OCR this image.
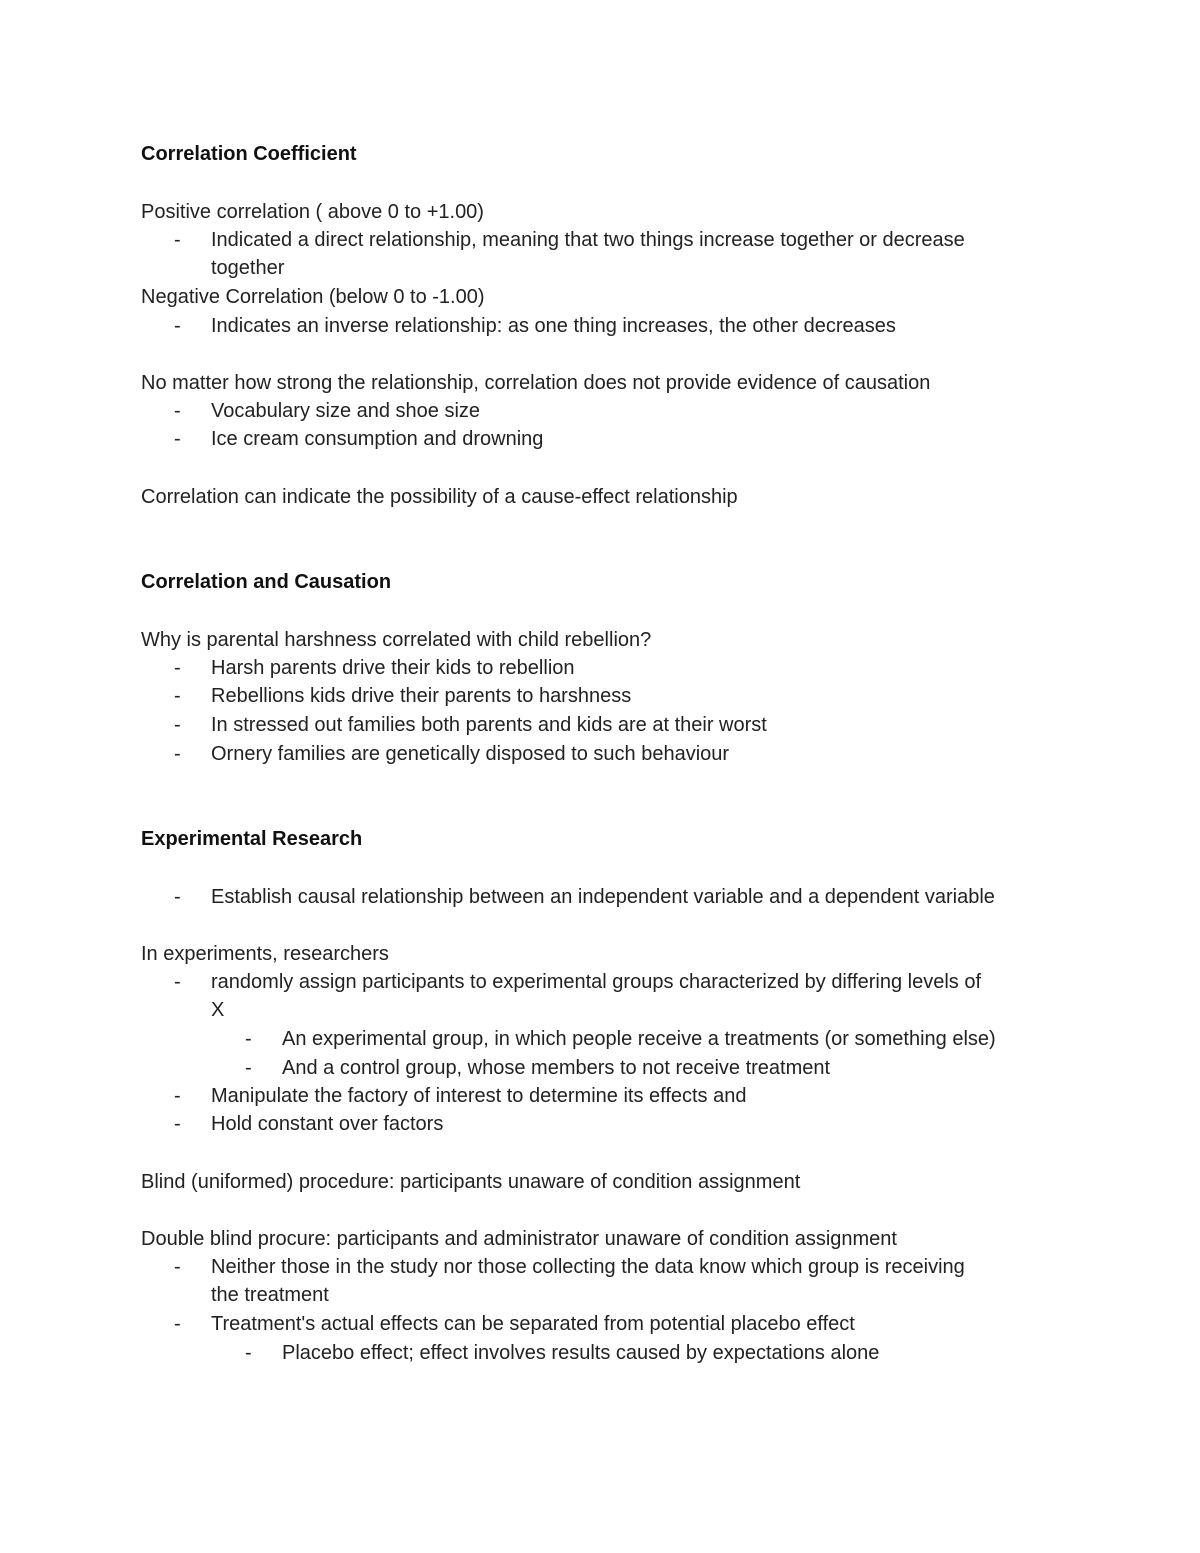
Correlation Coefficient
Positive correlation ( above 0 to +1.00)
- Indicated a direct relationship, meaning that two things increase together or decrease
together
Negative Correlation (below 0 to -1.00)
- Indicates an inverse relationship: as one thing increases, the other decreases
No matter how strong the relationship, correlation does not provide evidence of causation
- Vocabulary size and shoe size
- Ice cream consumption and drowning
Correlation can indicate the possibility of a cause-effect relationship
Correlation and Causation
Why is parental harshness correlated with child rebellion?
- Harsh parents drive their kids to rebellion
- Rebellions kids drive their parents to harshness
- In stressed out families both parents and kids are at their worst
- Ornery families are genetically disposed to such behaviour
Experimental Research
- Establish causal relationship between an independent variable and a dependent variable
In experiments, researchers
- randomly assign participants to experimental groups characterized by differing levels of
X
- An experimental group, in which people receive a treatments (or something else)
- And a control group, whose members to not receive treatment
- Manipulate the factory of interest to determine its effects and
- Hold constant over factors
Blind (uniformed) procedure: participants unaware of condition assignment
Double blind procure: participants and administrator unaware of condition assignment
- Neither those in the study nor those collecting the data know which group is receiving
the treatment
- Treatment's actual effects can be separated from potential placebo effect
- Placebo effect; effect involves results caused by expectations alone
